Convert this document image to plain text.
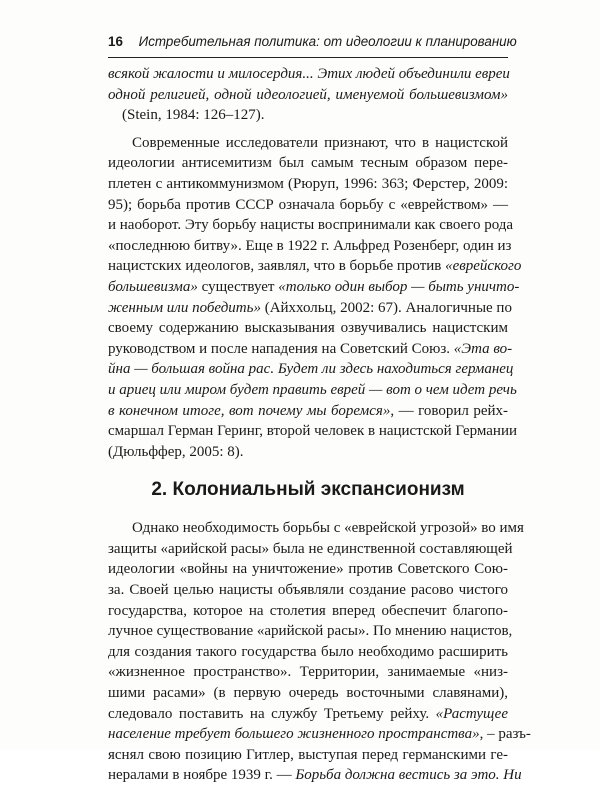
16 Истребительная политика: от идеологии к планированию
всякой жалости и милосердия... Этих людей объединили евреи
одной религией, одной идеологией, именуемой большевизмом»
(Stein, 1984: 126–127).
Современные исследователи признают, что в нацистской
идеологии антисемитизм был самым тесным образом пере-
плетен с антикоммунизмом (Рюруп, 1996: 363; Ферстер, 2009:
95); борьба против СССР означала борьбу с «еврейством» —
и наоборот. Эту борьбу нацисты воспринимали как своего рода
«последнюю битву». Еще в 1922 г. Альфред Розенберг, один из
нацистских идеологов, заявлял, что в борьбе против «еврейского
большевизма» существует «только один выбор — быть уничто-
женным или победить» (Айххольц, 2002: 67). Аналогичные по
своему содержанию высказывания озвучивались нацистским
руководством и после нападения на Советский Союз. «Эта во-
йна — большая война рас. Будет ли здесь находиться германец
и ариец или миром будет править еврей — вот о чем идет речь
в конечном итоге, вот почему мы боремся», — говорил рейх-
смаршал Герман Геринг, второй человек в нацистской Германии
(Дюльффер, 2005: 8).
2. Колониальный экспансионизм
Однако необходимость борьбы с «еврейской угрозой» во имя
защиты «арийской расы» была не единственной составляющей
идеологии «войны на уничтожение» против Советского Сою-
за. Своей целью нацисты объявляли создание расово чистого
государства, которое на столетия вперед обеспечит благопо-
лучное существование «арийской расы». По мнению нацистов,
для создания такого государства было необходимо расширить
«жизненное пространство». Территории, занимаемые «низ-
шими расами» (в первую очередь восточными славянами),
следовало поставить на службу Третьему рейху. «Растущее
население требует большего жизненного пространства», – разъ-
яснял свою позицию Гитлер, выступая перед германскими ге-
нералами в ноябре 1939 г. — Борьба должна вестись за это. Ни
